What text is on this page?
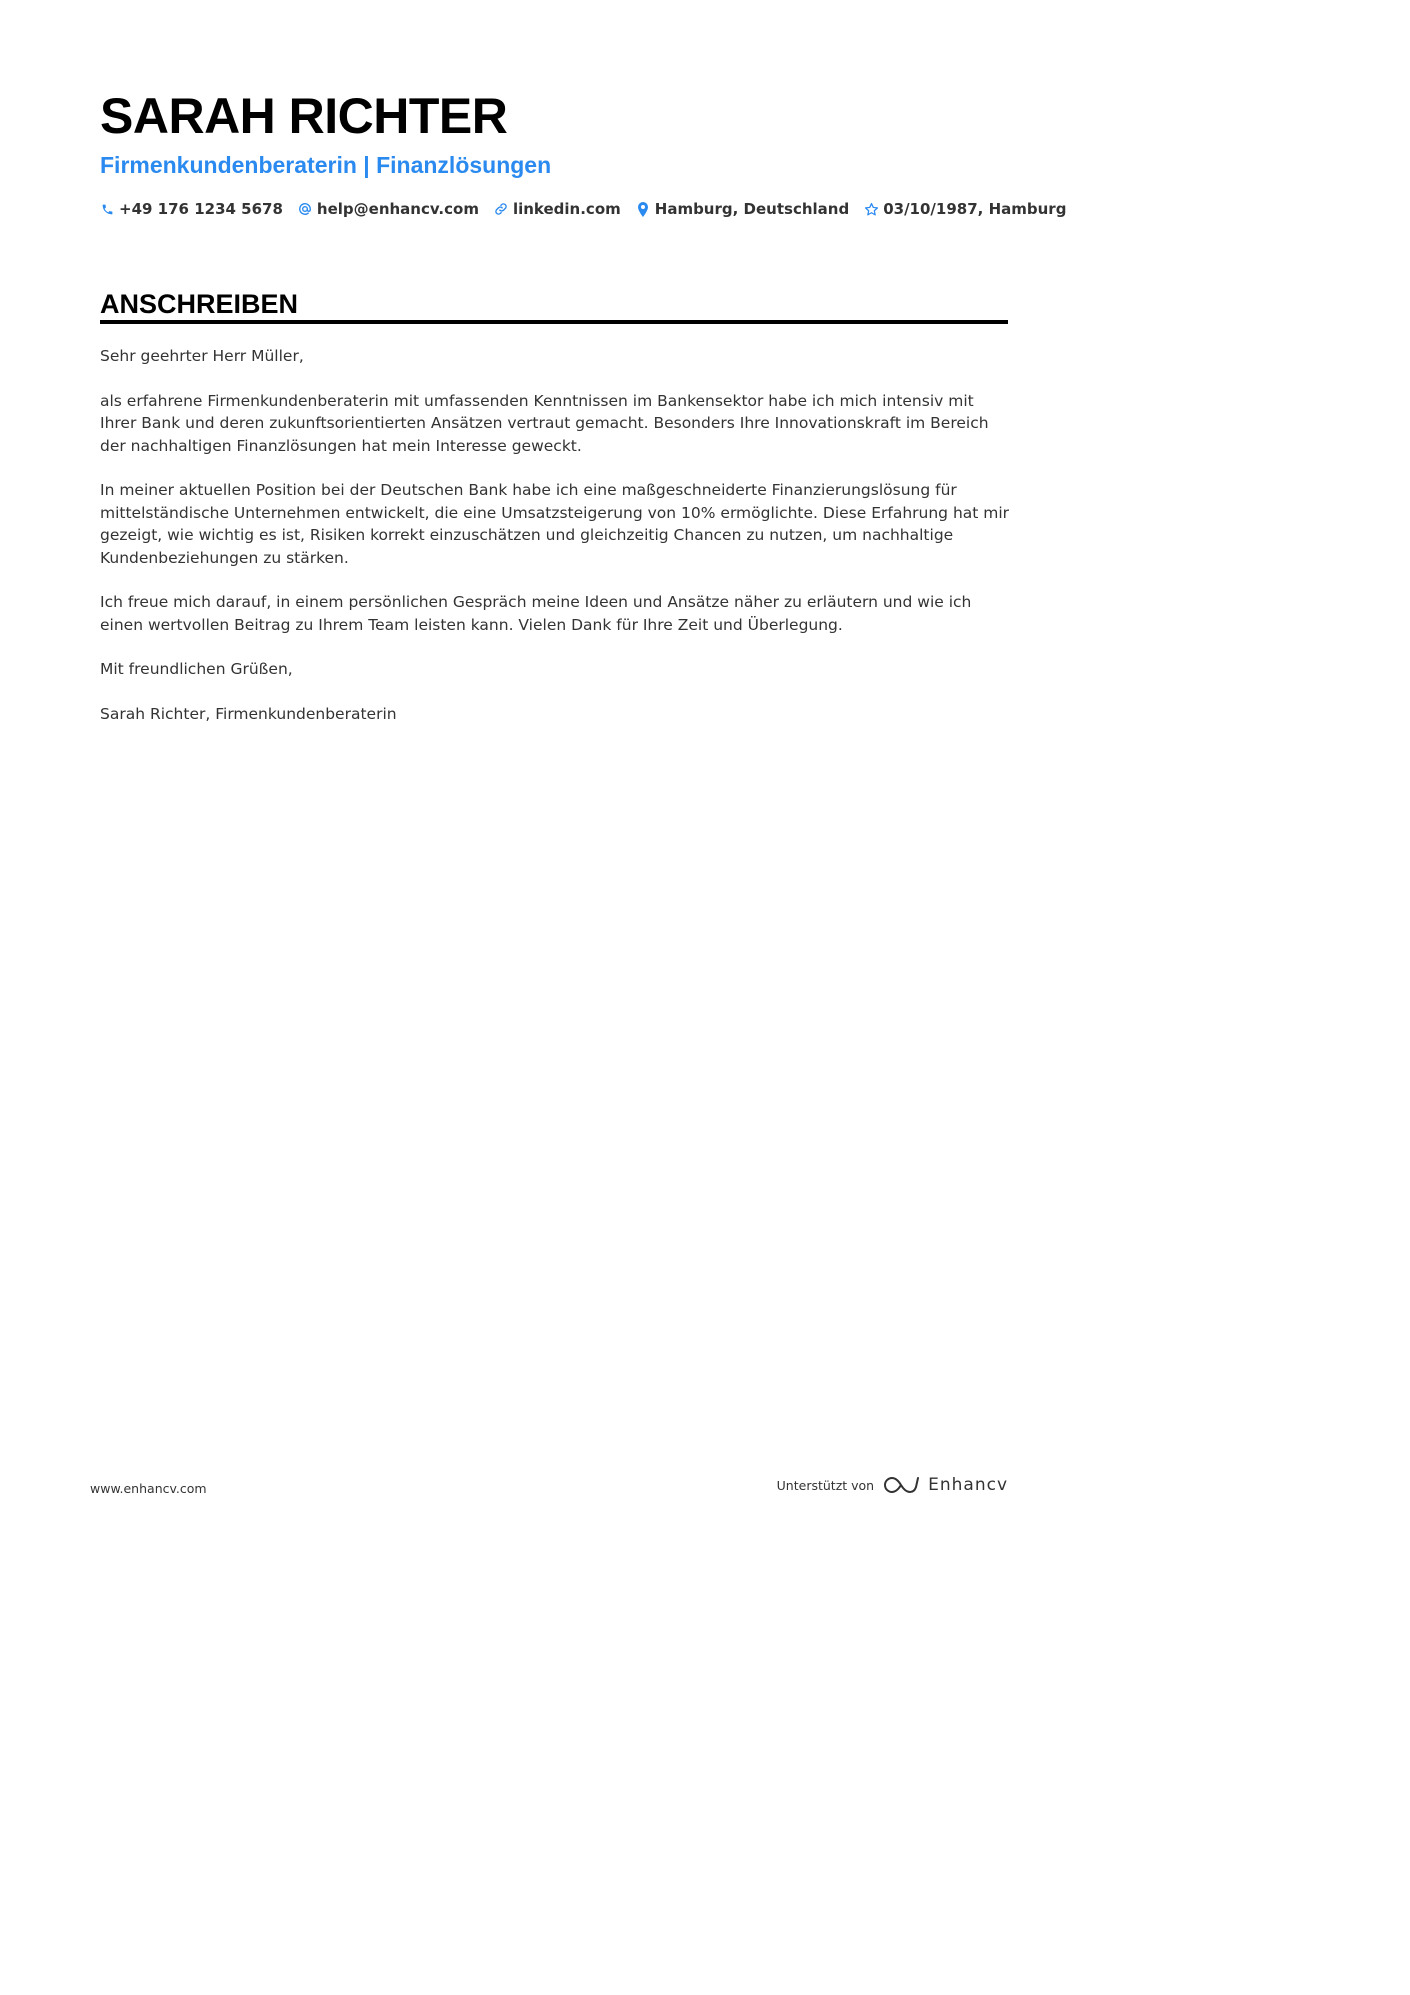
SARAH RICHTER
Firmenkundenberaterin | Finanzlösungen
+49 176 1234 5678 help@enhancv.com linkedin.com Hamburg, Deutschland 03/10/1987, Hamburg
ANSCHREIBEN

Sehr geehrter Herr Müller,

als erfahrene Firmenkundenberaterin mit umfassenden Kenntnissen im Bankensektor habe ich mich intensiv mit Ihrer Bank und deren zukunftsorientierten Ansätzen vertraut gemacht. Besonders Ihre Innovationskraft im Bereich der nachhaltigen Finanzlösungen hat mein Interesse geweckt.

In meiner aktuellen Position bei der Deutschen Bank habe ich eine maßgeschneiderte Finanzierungslösung für mittelständische Unternehmen entwickelt, die eine Umsatzsteigerung von 10% ermöglichte. Diese Erfahrung hat mir gezeigt, wie wichtig es ist, Risiken korrekt einzuschätzen und gleichzeitig Chancen zu nutzen, um nachhaltige Kundenbeziehungen zu stärken.

Ich freue mich darauf, in einem persönlichen Gespräch meine Ideen und Ansätze näher zu erläutern und wie ich einen wertvollen Beitrag zu Ihrem Team leisten kann. Vielen Dank für Ihre Zeit und Überlegung.

Mit freundlichen Grüßen,

Sarah Richter, Firmenkundenberaterin

www.enhancv.com	Unterstützt von	Enhancv
